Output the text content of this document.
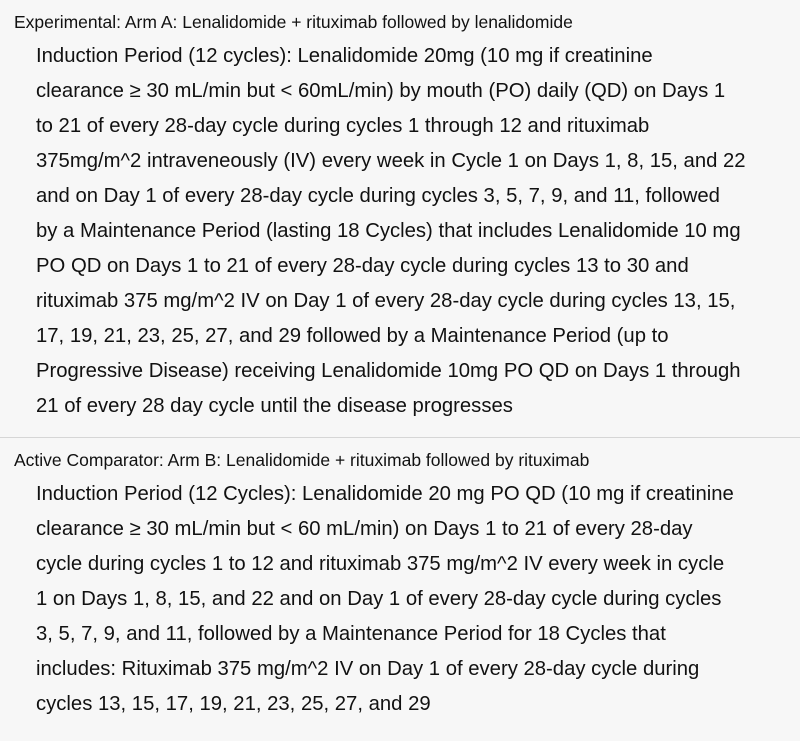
Experimental: Arm A: Lenalidomide + rituximab followed by lenalidomide
Induction Period (12 cycles): Lenalidomide 20mg (10 mg if creatinine
clearance ≥ 30 mL/min but < 60mL/min) by mouth (PO) daily (QD) on Days 1
to 21 of every 28-day cycle during cycles 1 through 12 and rituximab
375mg/m^2 intraveneously (IV) every week in Cycle 1 on Days 1, 8, 15, and 22
and on Day 1 of every 28-day cycle during cycles 3, 5, 7, 9, and 11, followed
by a Maintenance Period (lasting 18 Cycles) that includes Lenalidomide 10 mg
PO QD on Days 1 to 21 of every 28-day cycle during cycles 13 to 30 and
rituximab 375 mg/m^2 IV on Day 1 of every 28-day cycle during cycles 13, 15,
17, 19, 21, 23, 25, 27, and 29 followed by a Maintenance Period (up to
Progressive Disease) receiving Lenalidomide 10mg PO QD on Days 1 through
21 of every 28 day cycle until the disease progresses
Active Comparator: Arm B: Lenalidomide + rituximab followed by rituximab
Induction Period (12 Cycles): Lenalidomide 20 mg PO QD (10 mg if creatinine
clearance ≥ 30 mL/min but < 60 mL/min) on Days 1 to 21 of every 28-day
cycle during cycles 1 to 12 and rituximab 375 mg/m^2 IV every week in cycle
1 on Days 1, 8, 15, and 22 and on Day 1 of every 28-day cycle during cycles
3, 5, 7, 9, and 11, followed by a Maintenance Period for 18 Cycles that
includes: Rituximab 375 mg/m^2 IV on Day 1 of every 28-day cycle during
cycles 13, 15, 17, 19, 21, 23, 25, 27, and 29
